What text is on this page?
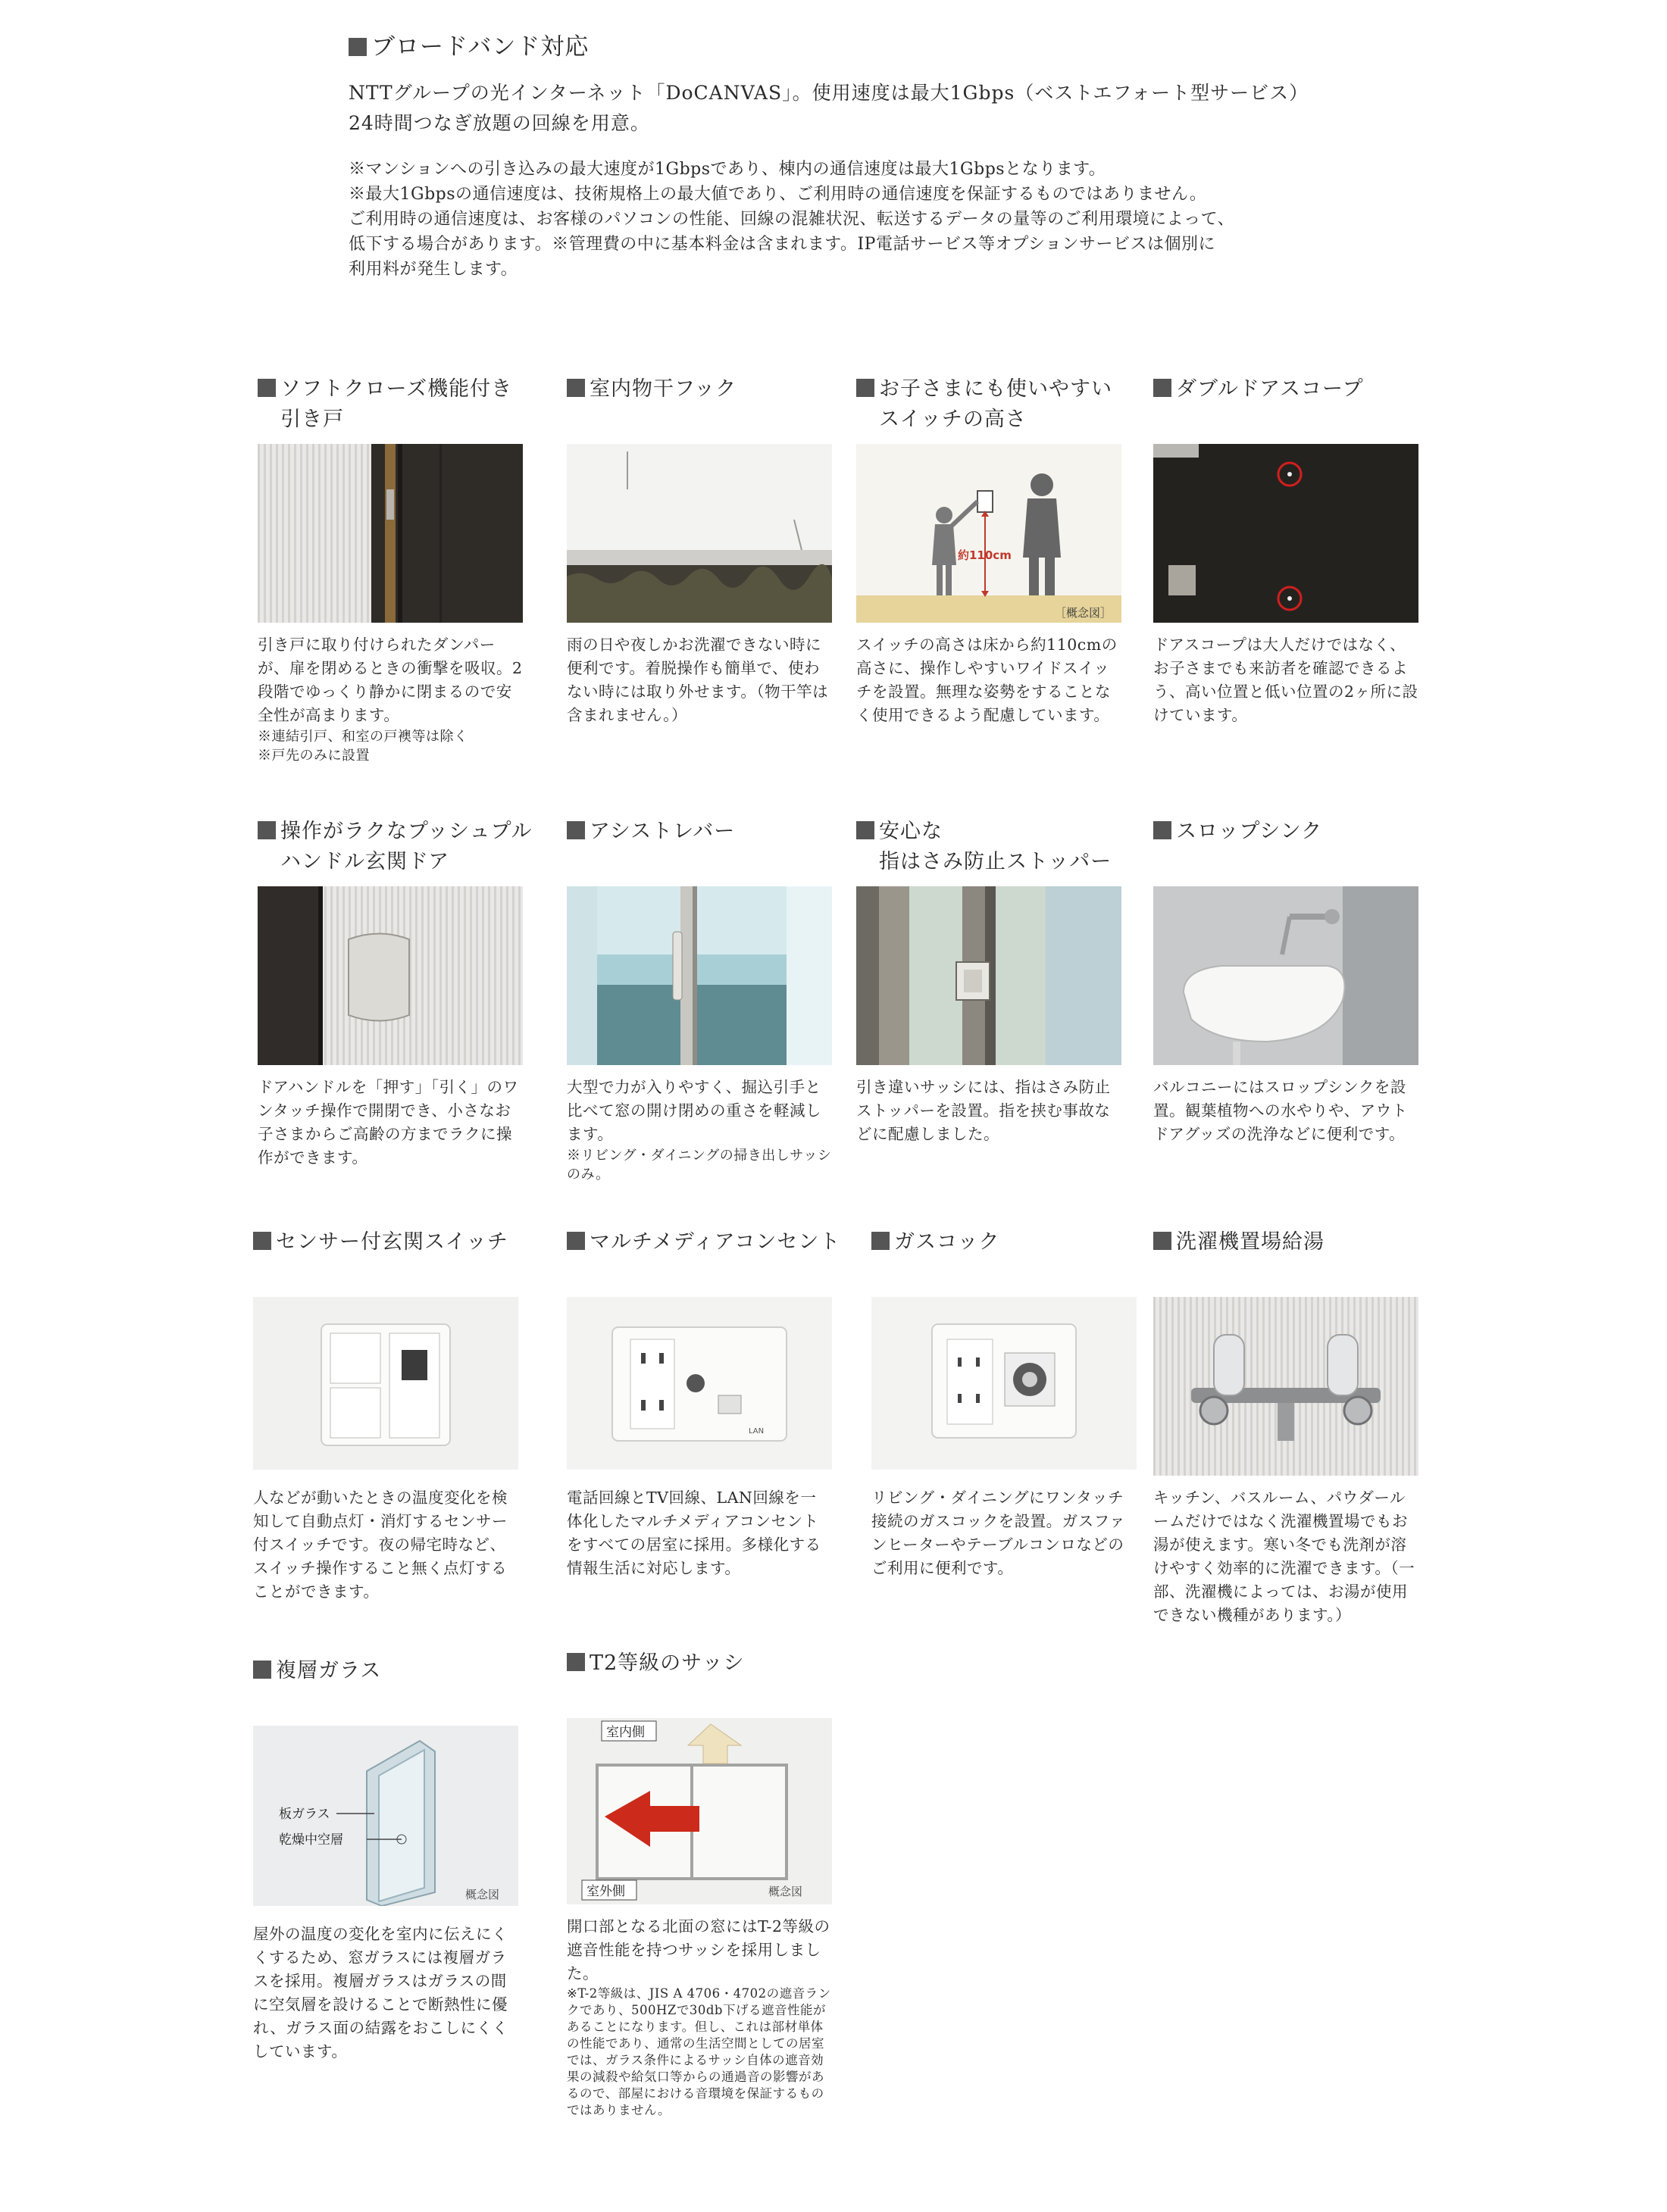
ブロードバンド対応

NTTグループの光インターネット「DoCANVAS」。使用速度は最大1Gbps（ベストエフォート型サービス）

24時間つなぎ放題の回線を用意。

※マンションへの引き込みの最大速度が1Gbpsであり、棟内の通信速度は最大1Gbpsとなります。

※最大1Gbpsの通信速度は、技術規格上の最大値であり、ご利用時の通信速度を保証するものではありません。

ご利用時の通信速度は、お客様のパソコンの性能、回線の混雑状況、転送するデータの量等のご利用環境によって、

低下する場合があります。※管理費の中に基本料金は含まれます。IP電話サービス等オプションサービスは個別に

利用料が発生します。

ソフトクローズ機能付き
引き戸

引き戸に取り付けられたダンパーが、扉を閉めるときの衝撃を吸収。2段階でゆっくり静かに閉まるので安全性が高まります。

※連結引戸、和室の戸襖等は除く

※戸先のみに設置

室内物干フック

雨の日や夜しかお洗濯できない時に便利です。着脱操作も簡単で、使わない時には取り外せます。（物干竿は含まれません。）

お子さまにも使いやすい
スイッチの高さ
約110cm
［概念図］

スイッチの高さは床から約110cmの高さに、操作しやすいワイドスイッチを設置。無理な姿勢をすることなく使用できるよう配慮しています。

ダブルドアスコープ

ドアスコープは大人だけではなく、お子さまでも来訪者を確認できるよう、高い位置と低い位置の2ヶ所に設けています。

操作がラクなプッシュプル
ハンドル玄関ドア

ドアハンドルを「押す」「引く」のワンタッチ操作で開閉でき、小さなお子さまからご高齢の方までラクに操作ができます。

アシストレバー

大型で力が入りやすく、掘込引手と比べて窓の開け閉めの重さを軽減します。

※リビング・ダイニングの掃き出しサッシのみ。

安心な
指はさみ防止ストッパー

引き違いサッシには、指はさみ防止ストッパーを設置。指を挟む事故などに配慮しました。

スロップシンク

バルコニーにはスロップシンクを設置。観葉植物への水やりや、アウトドアグッズの洗浄などに便利です。

センサー付玄関スイッチ

人などが動いたときの温度変化を検知して自動点灯・消灯するセンサー付スイッチです。夜の帰宅時など、スイッチ操作すること無く点灯することができます。

マルチメディアコンセント
LAN

電話回線とTV回線、LAN回線を一体化したマルチメディアコンセントをすべての居室に採用。多様化する情報生活に対応します。

ガスコック

リビング・ダイニングにワンタッチ接続のガスコックを設置。ガスファンヒーターやテーブルコンロなどのご利用に便利です。

洗濯機置場給湯

キッチン、バスルーム、パウダールームだけではなく洗濯機置場でもお湯が使えます。寒い冬でも洗剤が溶けやすく効率的に洗濯できます。（一部、洗濯機によっては、お湯が使用できない機種があります。）

複層ガラス
板ガラス
乾燥中空層
概念図

屋外の温度の変化を室内に伝えにくくするため、窓ガラスには複層ガラスを採用。複層ガラスはガラスの間に空気層を設けることで断熱性に優れ、ガラス面の結露をおこしにくくしています。

T2等級のサッシ
室内側
室外側	概念図

開口部となる北面の窓にはT-2等級の遮音性能を持つサッシを採用しました。

※T-2等級は、JIS A 4706・4702の遮音ランクであり、500HZで30db下げる遮音性能があることになります。但し、これは部材単体の性能であり、通常の生活空間としての居室では、ガラス条件によるサッシ自体の遮音効果の減殺や給気口等からの通過音の影響があるので、部屋における音環境を保証するものではありません。
